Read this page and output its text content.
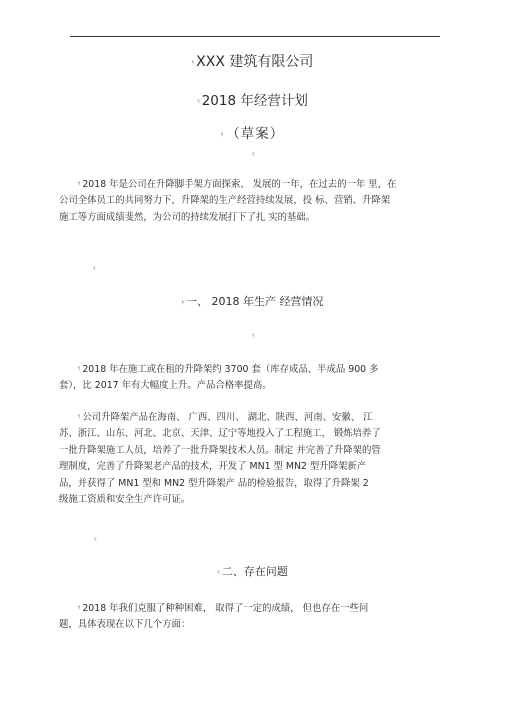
¶ XXX 建筑有限公司
¶ 2018 年经营计划
¶ （草案）
¶
¶ 2018 年是公司在升降脚手架方面探索、 发展的一年，在过去的一年 里，在
公司全体员工的共同努力下，升降架的生产经营持续发展，投 标、营销、升降架
施工等方面成绩斐然，为公司的持续发展打下了扎 实的基础。
¶
¶ 一、 2018 年生产 经营情况
¶
¶ 2018 年在施工或在租的升降架约 3700 套（库存成品、半成品 900 多
套），比 2017 年有大幅度上升。产品合格率提高。
¶ 公司升降架产品在海南、 广西、四川、 湖北、陕西、河南、安徽、 江
苏、浙江、山东、河北、北京、天津、辽宁等地投入了工程施工， 锻炼培养了
一批升降架施工人员，培养了一批升降架技术人员。制定 并完善了升降架的管
理制度，完善了升降架老产品的技术，开发了 MN1 型 MN2 型升降架新产
品，并获得了 MN1 型和 MN2 型升降架产 品的检验报告，取得了升降架 2
级施工资质和安全生产许可证。
¶
¶ 二、存在问题
¶ 2018 年我们克服了种种困难， 取得了一定的成绩， 但也存在一些问
题，具体表现在以下几个方面：
